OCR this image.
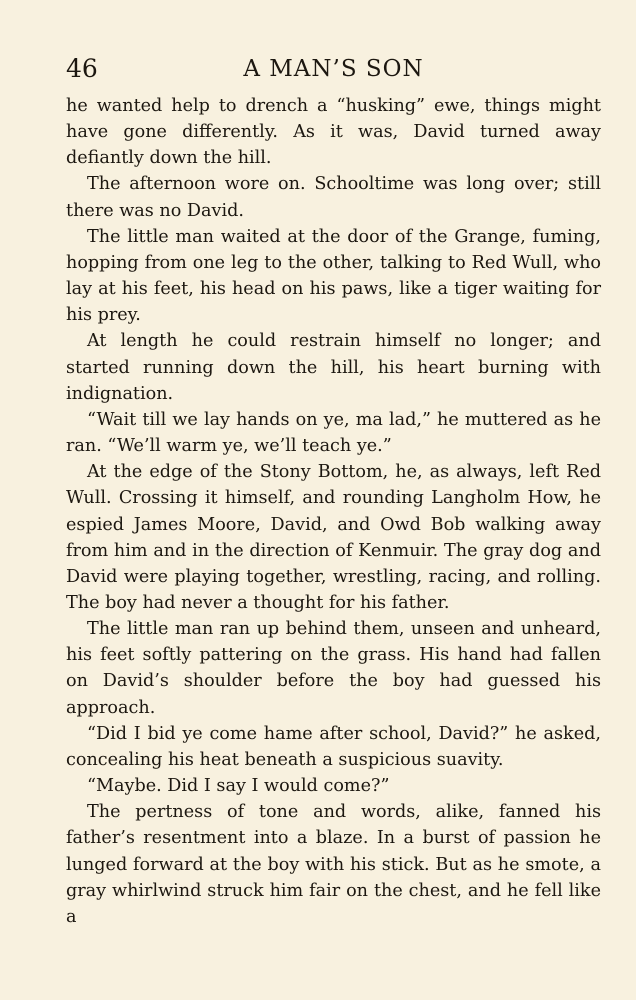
46	A MAN’S SON

he wanted help to drench a “husking” ewe, things might have gone differently. As it was, David turned away defiantly down the hill.

The afternoon wore on. Schooltime was long over; still there was no David.

The little man waited at the door of the Grange, fuming, hopping from one leg to the other, talking to Red Wull, who lay at his feet, his head on his paws, like a tiger waiting for his prey.

At length he could restrain himself no longer; and started running down the hill, his heart burning with indignation.

“Wait till we lay hands on ye, ma lad,” he muttered as he ran. “We’ll warm ye, we’ll teach ye.”

At the edge of the Stony Bottom, he, as always, left Red Wull. Crossing it himself, and rounding Langholm How, he espied James Moore, David, and Owd Bob walking away from him and in the direction of Kenmuir. The gray dog and David were playing together, wrestling, racing, and rolling. The boy had never a thought for his father.

The little man ran up behind them, unseen and unheard, his feet softly pattering on the grass. His hand had fallen on David’s shoulder before the boy had guessed his approach.

“Did I bid ye come hame after school, David?” he asked, concealing his heat beneath a suspicious suavity.

“Maybe. Did I say I would come?”

The pertness of tone and words, alike, fanned his father’s resentment into a blaze. In a burst of passion he lunged forward at the boy with his stick. But as he smote, a gray whirlwind struck him fair on the chest, and he fell like a
